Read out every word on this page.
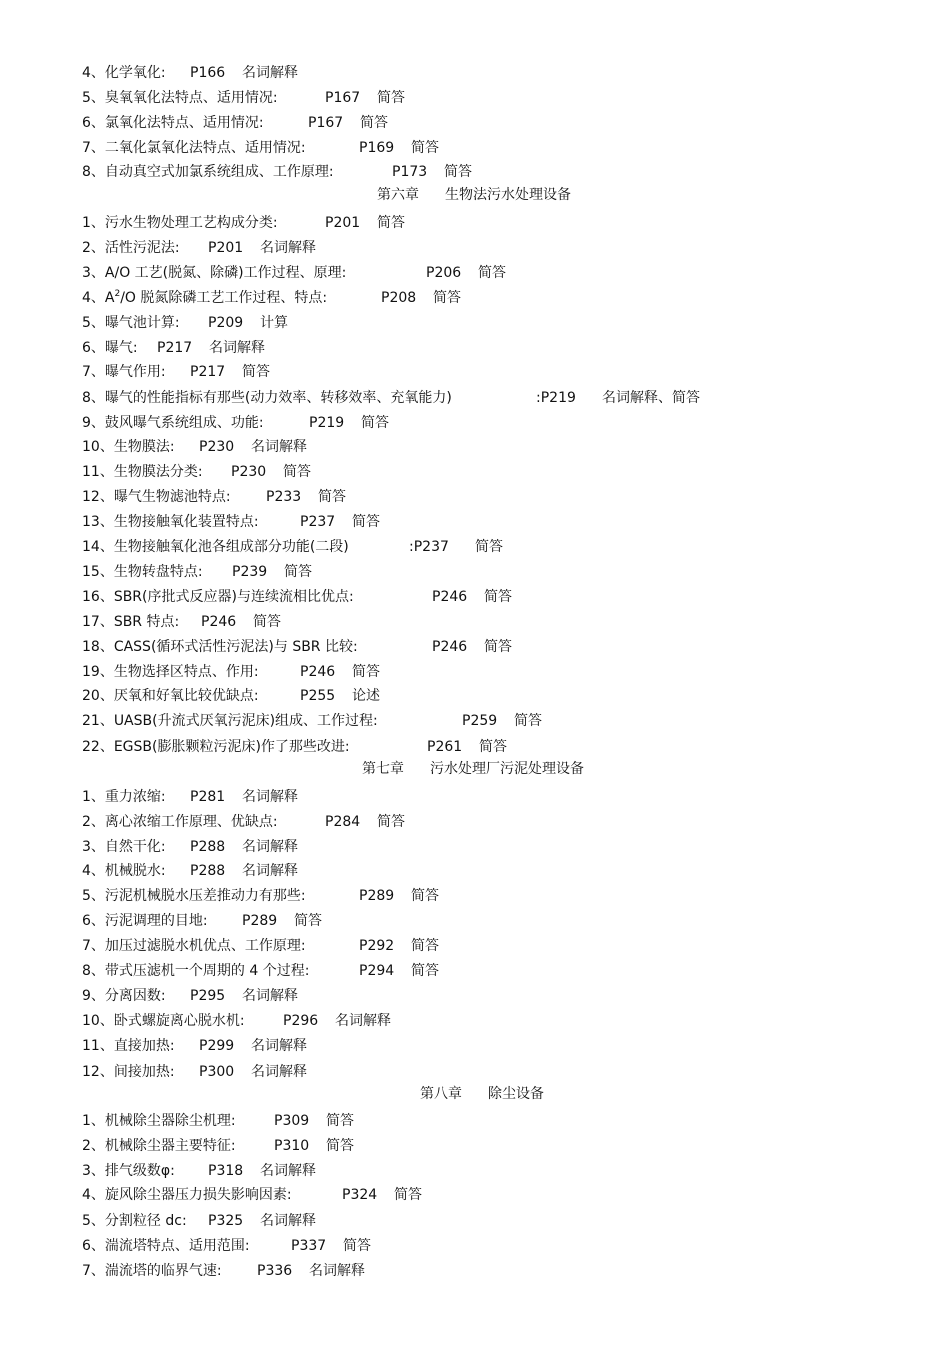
4、化学氧化: P166 名词解释
5、臭氧氧化法特点、适用情况:	P167 简答
6、氯氧化法特点、适用情况:	P167 简答
7、二氧化氯氧化法特点、适用情况:	P169 简答
8、自动真空式加氯系统组成、工作原理:	P173 简答
第六章 生物法污水处理设备
1、污水生物处理工艺构成分类:	P201 简答
2、活性污泥法: P201 名词解释
3、A/O 工艺(脱氮、除磷)工作过程、原理:	P206 简答
4、$A^2/O$ 脱氮除磷工艺工作过程、特点:	P208 简答
5、曝气池计算: P209 计算
6、曝气: P217 名词解释
7、曝气作用: P217 简答
8、曝气的性能指标有那些(动力效率、转移效率、充氧能力)	:P219 名词解释、简答
9、鼓风曝气系统组成、功能:	P219 简答
10、生物膜法: P230 名词解释
11、生物膜法分类: P230 简答
12、曝气生物滤池特点:	P233 简答
13、生物接触氧化装置特点:	P237 简答
14、生物接触氧化池各组成部分功能(二段)	:P237 简答
15、生物转盘特点: P239 简答
16、SBR(序批式反应器)与连续流相比优点:	P246 简答
17、SBR 特点: P246 简答
18、CASS(循环式活性污泥法)与 SBR 比较:	P246 简答
19、生物选择区特点、作用:	P246 简答
20、厌氧和好氧比较优缺点:	P255 论述
21、UASB(升流式厌氧污泥床)组成、工作过程:	P259 简答
22、EGSB(膨胀颗粒污泥床)作了那些改进:	P261 简答
第七章 污水处理厂污泥处理设备
1、重力浓缩: P281 名词解释
2、离心浓缩工作原理、优缺点:	P284 简答
3、自然干化: P288 名词解释
4、机械脱水: P288 名词解释
5、污泥机械脱水压差推动力有那些:	P289 简答
6、污泥调理的目地: P289 简答
7、加压过滤脱水机优点、工作原理:	P292 简答
8、带式压滤机一个周期的 4 个过程:	P294 简答
9、分离因数: P295 名词解释
10、卧式螺旋离心脱水机:	P296 名词解释
11、直接加热: P299 名词解释
12、间接加热: P300 名词解释
第八章 除尘设备
1、机械除尘器除尘机理:	P309 简答
2、机械除尘器主要特征:	P310 简答
3、排气级数φ: P318 名词解释
4、旋风除尘器压力损失影响因素:	P324 简答
5、分割粒径 dc: P325 名词解释
6、湍流塔特点、适用范围:	P337 简答
7、湍流塔的临界气速:	P336 名词解释
